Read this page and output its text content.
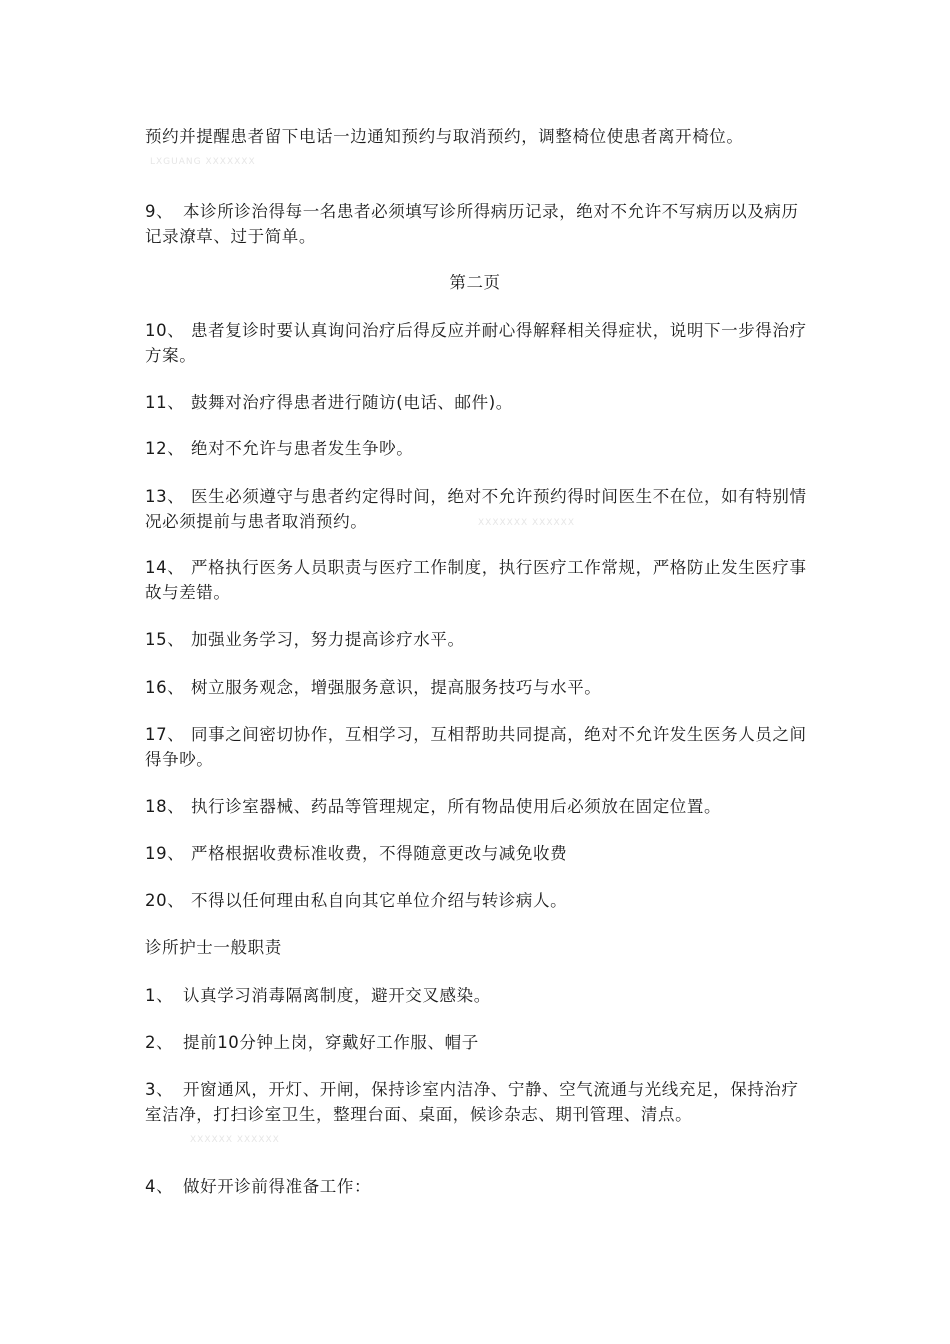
预约并提醒患者留下电话一边通知预约与取消预约，调整椅位使患者离开椅位。

LXGUANG XXXXXXX

9、 本诊所诊治得每一名患者必须填写诊所得病历记录，绝对不允许不写病历以及病历记录潦草、过于简单。

第二页

10、 患者复诊时要认真询问治疗后得反应并耐心得解释相关得症状，说明下一步得治疗方案。

11、 鼓舞对治疗得患者进行随访(电话、邮件)。

12、 绝对不允许与患者发生争吵。

13、 医生必须遵守与患者约定得时间，绝对不允许预约得时间医生不在位，如有特别情况必须提前与患者取消预约。	XXXXXXX XXXXXX

14、 严格执行医务人员职责与医疗工作制度，执行医疗工作常规，严格防止发生医疗事故与差错。

15、 加强业务学习，努力提高诊疗水平。

16、 树立服务观念，增强服务意识，提高服务技巧与水平。

17、 同事之间密切协作，互相学习，互相帮助共同提高，绝对不允许发生医务人员之间得争吵。

18、 执行诊室器械、药品等管理规定，所有物品使用后必须放在固定位置。

19、 严格根据收费标准收费，不得随意更改与减免收费

20、 不得以任何理由私自向其它单位介绍与转诊病人。

诊所护士一般职责

1、 认真学习消毒隔离制度，避开交叉感染。

2、 提前10分钟上岗，穿戴好工作服、帽子

3、 开窗通风，开灯、开闸，保持诊室内洁净、宁静、空气流通与光线充足，保持治疗室洁净，打扫诊室卫生，整理台面、桌面，候诊杂志、期刊管理、清点。

XXXXXX XXXXXX

4、 做好开诊前得准备工作：
